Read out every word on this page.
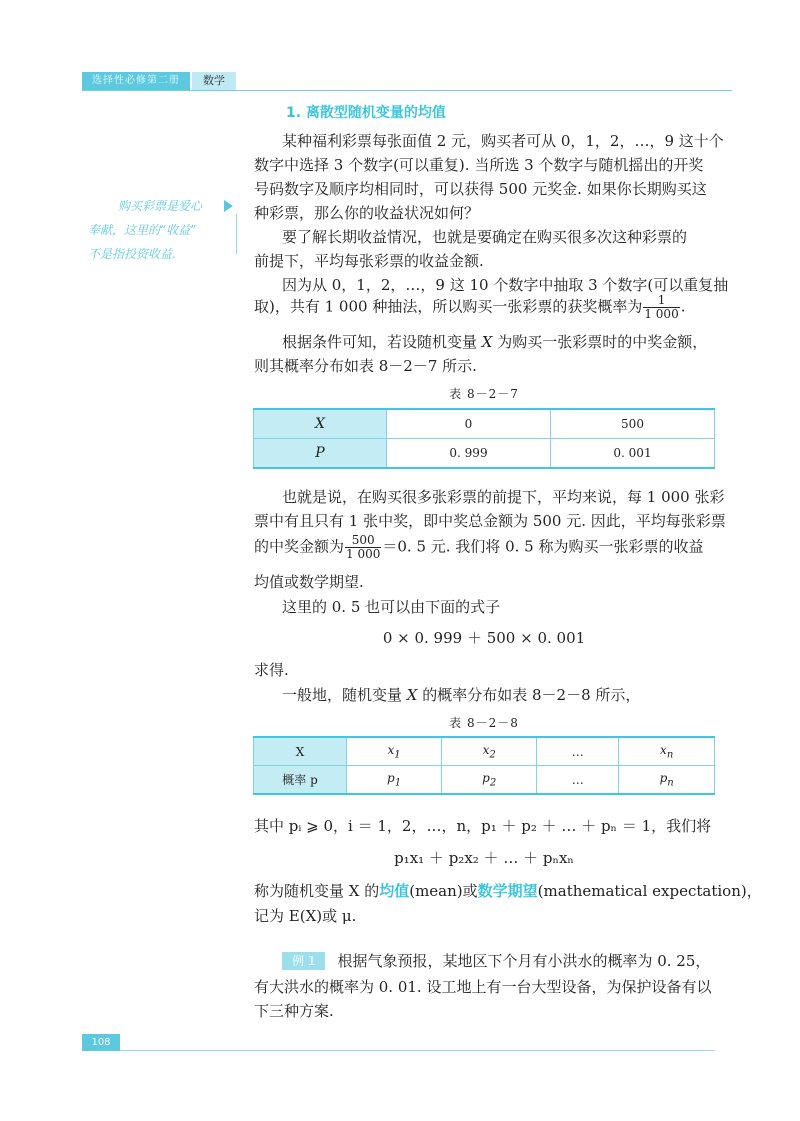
选择性必修第二册	数学
购买彩票是爱心
奉献，这里的“收益”
不是指投资收益.
1. 离散型随机变量的均值
某种福利彩票每张面值 2 元，购买者可从 0，1，2，…，9 这十个
数字中选择 3 个数字(可以重复). 当所选 3 个数字与随机摇出的开奖
号码数字及顺序均相同时，可以获得 500 元奖金. 如果你长期购买这
种彩票，那么你的收益状况如何？
要了解长期收益情况，也就是要确定在购买很多次这种彩票的
前提下，平均每张彩票的收益金额.
因为从 0，1，2，…，9 这 10 个数字中抽取 3 个数字(可以重复抽
取)，共有 1 000 种抽法，所以购买一张彩票的获奖概率为 $\frac{1}{1 000}$ .
根据条件可知，若设随机变量 X 为购买一张彩票时的中奖金额，
则其概率分布如表 8－2－7 所示.
表 8－2－7
X	0	500
P	0. 999	0. 001
也就是说，在购买很多张彩票的前提下，平均来说，每 1 000 张彩
票中有且只有 1 张中奖，即中奖总金额为 500 元. 因此，平均每张彩票
的中奖金额为 $\frac{500}{1 000} =0$. 5 元. 我们将 0. 5 称为购买一张彩票的收益
均值或数学期望.
这里的 0. 5 也可以由下面的式子
0 × 0. 999 ＋ 500 × 0. 001
求得.
一般地，随机变量 X 的概率分布如表 8－2－8 所示，
表 8－2－8
X	$x_1$	$x_2$	…	$x_n$
概率 p	$p_1$	$p_2$	…	$p_n$
其中 pᵢ ⩾ 0，i ＝ 1，2，…，n，p₁ ＋ p₂ ＋ … ＋ pₙ ＝ 1，我们将
p₁x₁ ＋ p₂x₂ ＋ … ＋ pₙxₙ
称为随机变量 X 的均值(mean)或数学期望(mathematical expectation)，
记为 E(X)或 μ.
例 1 根据气象预报，某地区下个月有小洪水的概率为 0. 25，
有大洪水的概率为 0. 01. 设工地上有一台大型设备，为保护设备有以
下三种方案.
108
